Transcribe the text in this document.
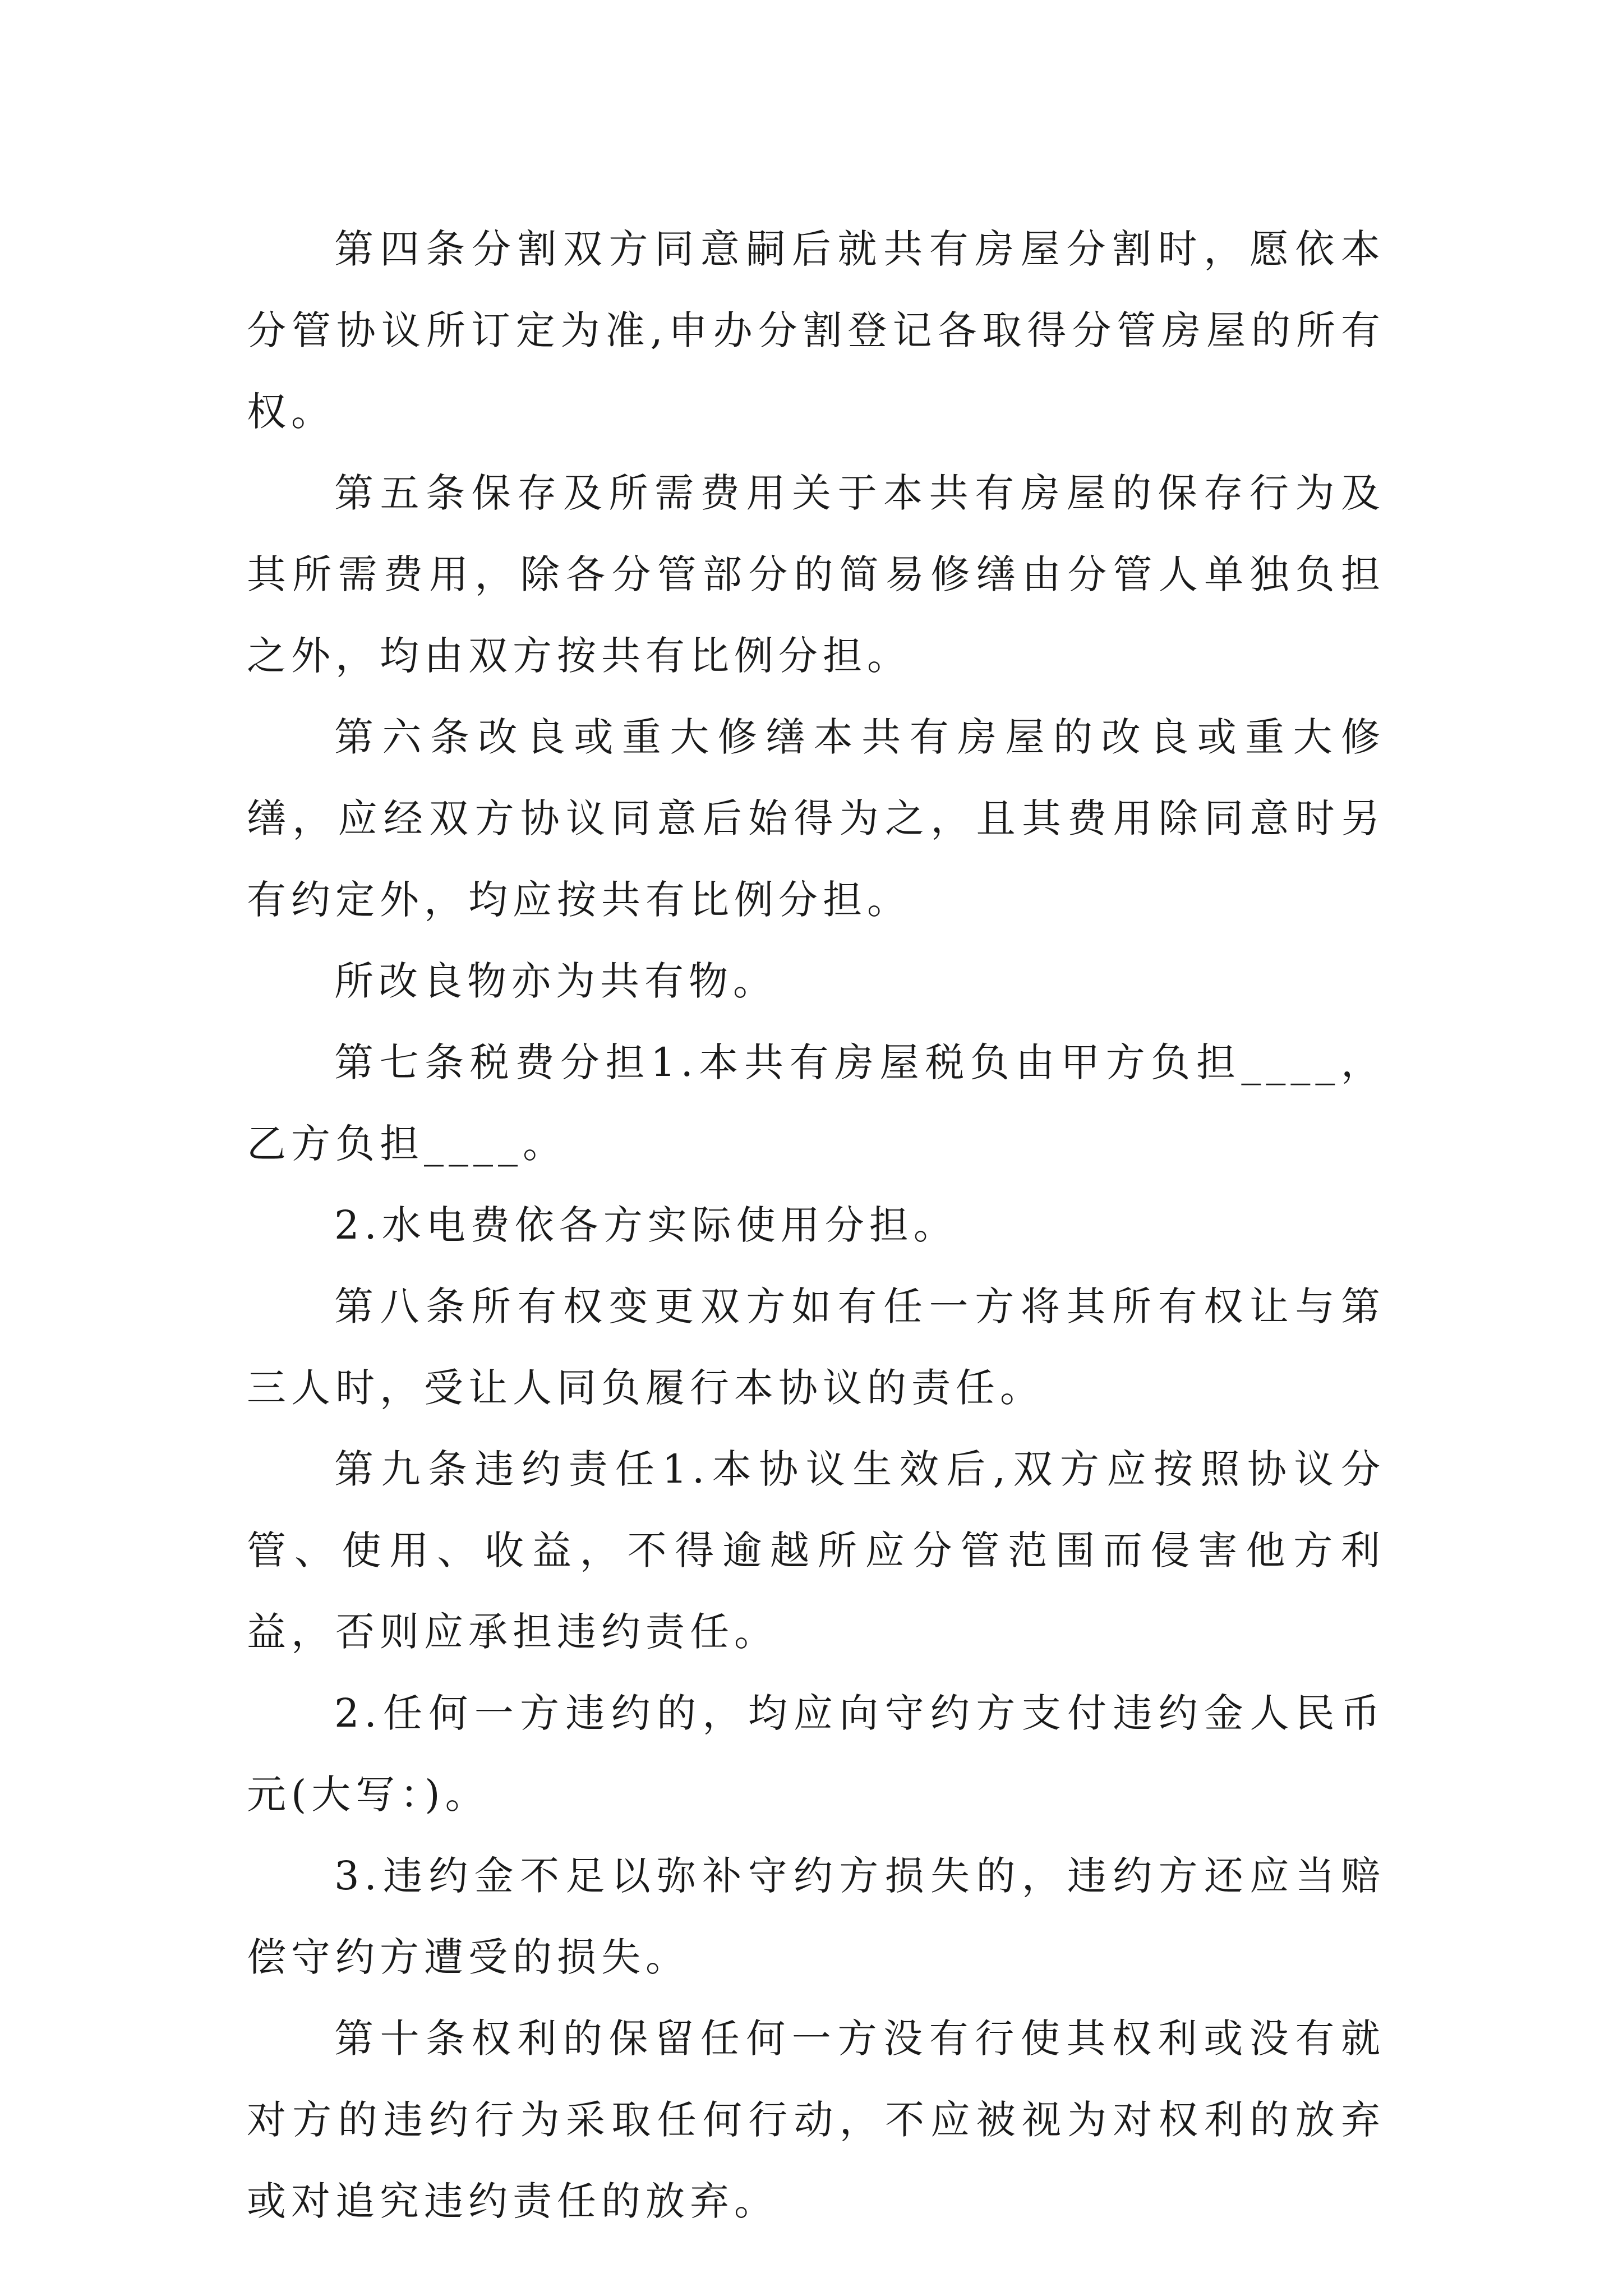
第四条分割双方同意嗣后就共有房屋分割时，愿依本分管协议所订定为准,申办分割登记各取得分管房屋的所有权。

第五条保存及所需费用关于本共有房屋的保存行为及其所需费用，除各分管部分的简易修缮由分管人单独负担之外，均由双方按共有比例分担。

第六条改良或重大修缮本共有房屋的改良或重大修缮，应经双方协议同意后始得为之，且其费用除同意时另有约定外，均应按共有比例分担。

所改良物亦为共有物。

第七条税费分担1.本共有房屋税负由甲方负担____，乙方负担____。

2.水电费依各方实际使用分担。

第八条所有权变更双方如有任一方将其所有权让与第三人时，受让人同负履行本协议的责任。

第九条违约责任1.本协议生效后,双方应按照协议分管、使用、收益，不得逾越所应分管范围而侵害他方利益，否则应承担违约责任。

2.任何一方违约的，均应向守约方支付违约金人民币元(大写：)。

3.违约金不足以弥补守约方损失的，违约方还应当赔偿守约方遭受的损失。

第十条权利的保留任何一方没有行使其权利或没有就对方的违约行为采取任何行动，不应被视为对权利的放弃或对追究违约责任的放弃。
